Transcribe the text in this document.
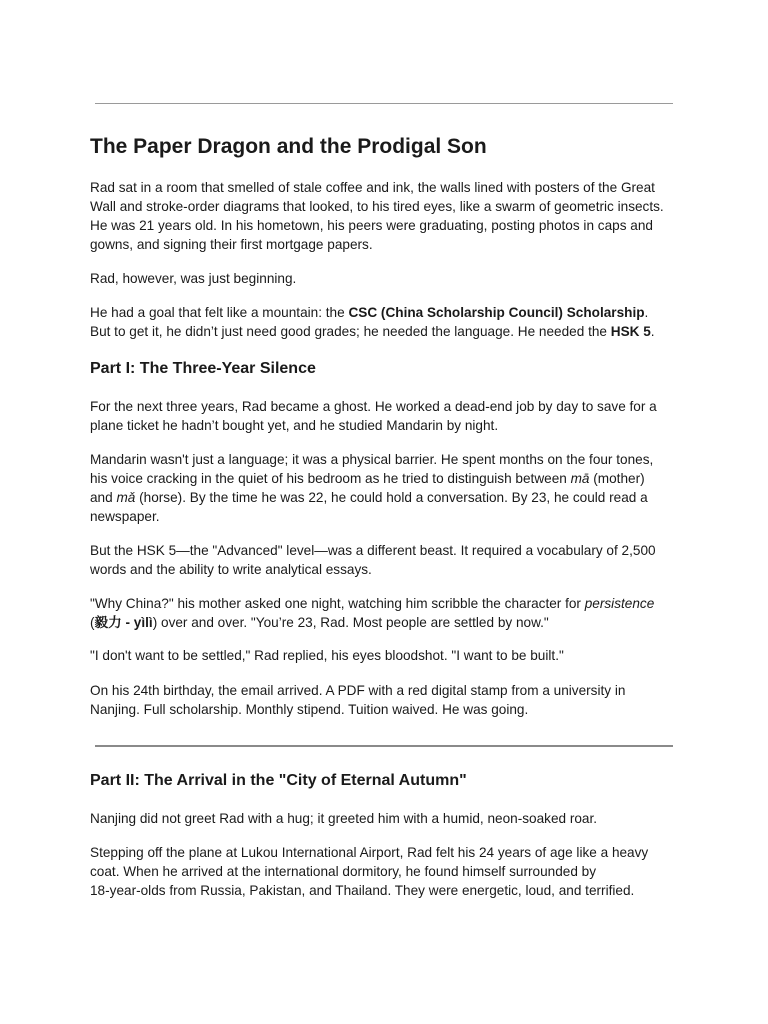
The Paper Dragon and the Prodigal Son

Rad sat in a room that smelled of stale coffee and ink, the walls lined with posters of the Great
Wall and stroke-order diagrams that looked, to his tired eyes, like a swarm of geometric insects.
He was 21 years old. In his hometown, his peers were graduating, posting photos in caps and
gowns, and signing their first mortgage papers.

Rad, however, was just beginning.

He had a goal that felt like a mountain: the CSC (China Scholarship Council) Scholarship.
But to get it, he didn’t just need good grades; he needed the language. He needed the HSK 5.

Part I: The Three-Year Silence

For the next three years, Rad became a ghost. He worked a dead-end job by day to save for a
plane ticket he hadn’t bought yet, and he studied Mandarin by night.

Mandarin wasn't just a language; it was a physical barrier. He spent months on the four tones,
his voice cracking in the quiet of his bedroom as he tried to distinguish between mā (mother)
and mǎ (horse). By the time he was 22, he could hold a conversation. By 23, he could read a
newspaper.

But the HSK 5—the "Advanced" level—was a different beast. It required a vocabulary of 2,500
words and the ability to write analytical essays.

"Why China?" his mother asked one night, watching him scribble the character for persistence
(毅力 - yìlì) over and over. "You’re 23, Rad. Most people are settled by now."

"I don't want to be settled," Rad replied, his eyes bloodshot. "I want to be built."

On his 24th birthday, the email arrived. A PDF with a red digital stamp from a university in
Nanjing. Full scholarship. Monthly stipend. Tuition waived. He was going.

Part II: The Arrival in the "City of Eternal Autumn"

Nanjing did not greet Rad with a hug; it greeted him with a humid, neon-soaked roar.

Stepping off the plane at Lukou International Airport, Rad felt his 24 years of age like a heavy
coat. When he arrived at the international dormitory, he found himself surrounded by
18-year-olds from Russia, Pakistan, and Thailand. They were energetic, loud, and terrified.
